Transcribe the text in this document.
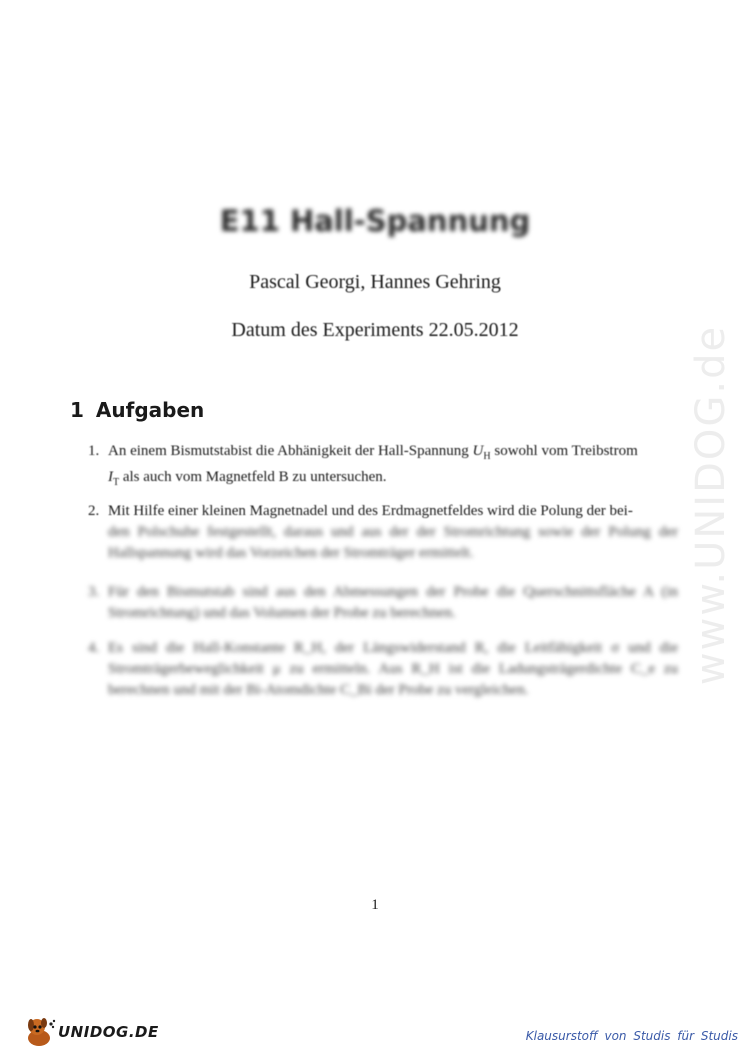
www.UNIDOG.de
E11 Hall-Spannung
Pascal Georgi, Hannes Gehring
Datum des Experiments 22.05.2012
1 Aufgaben
1. An einem Bismutstabist die Abhänigkeit der Hall-Spannung $U_H$ sowohl vom Treibstrom
$I_T$ als auch vom Magnetfeld B zu untersuchen.
2. Mit Hilfe einer kleinen Magnetnadel und des Erdmagnetfeldes wird die Polung der bei-
den Polschuhe festgestellt, daraus und aus der der Stromrichtung sowie der Polung der Hallspannung wird das Vorzeichen der Stromträger ermittelt.
3. Für den Bismutstab sind aus den Abmessungen der Probe die Querschnittsfläche A (in Stromrichtung) und das Volumen der Probe zu berechnen.
4. Es sind die Hall-Konstante R_H, der Längswiderstand R, die Leitfähigkeit σ und die Stromträgerbeweglichkeit μ zu ermitteln. Aus R_H ist die Ladungsträgerdichte C_e zu berechnen und mit der Bi-Atomdichte C_Bi der Probe zu vergleichen.
1
UNIDOG.DE	Klausurstoff von Studis für Studis
